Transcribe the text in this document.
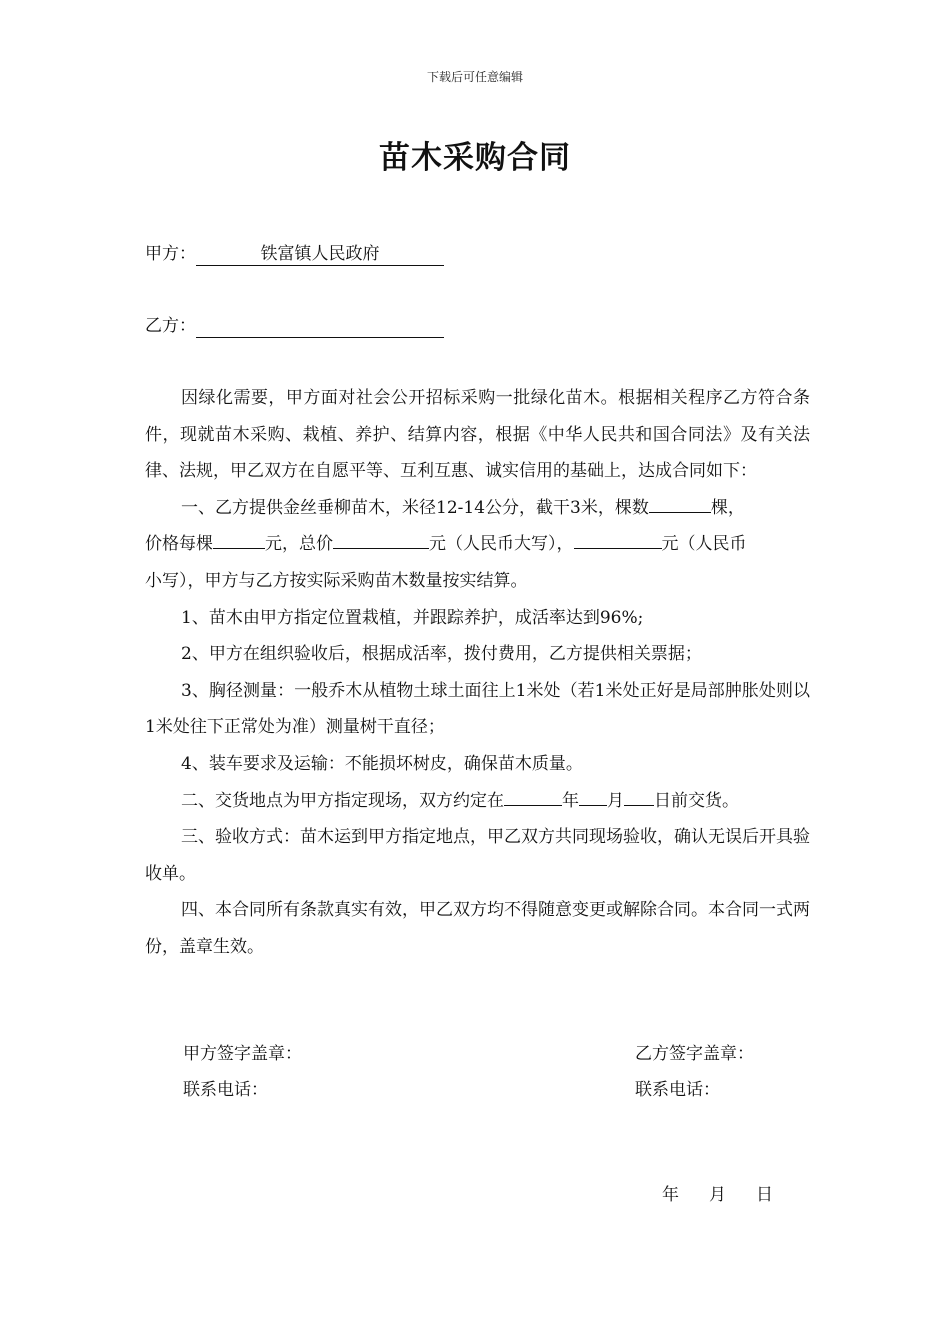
下载后可任意编辑
苗木采购合同
甲方：	铁富镇人民政府
乙方：

因绿化需要，甲方面对社会公开招标采购一批绿化苗木。根据相关程序乙方符合条件，现就苗木采购、栽植、养护、结算内容，根据《中华人民共和国合同法》及有关法律、法规，甲乙双方在自愿平等、互利互惠、诚实信用的基础上，达成合同如下：

一、乙方提供金丝垂柳苗木，米径12-14公分，截干3米，棵数	棵，

价格每棵	元，总价	元（人民币大写），	元（人民币

小写），甲方与乙方按实际采购苗木数量按实结算。

1、苗木由甲方指定位置栽植，并跟踪养护，成活率达到96%;

2、甲方在组织验收后，根据成活率，拨付费用，乙方提供相关票据；

3、胸径测量：一般乔木从植物土球土面往上1米处（若1米处正好是局部肿胀处则以1米处往下正常处为准）测量树干直径；

4、装车要求及运输：不能损坏树皮，确保苗木质量。

二、交货地点为甲方指定现场，双方约定在	年 月 日前交货。

三、验收方式：苗木运到甲方指定地点，甲乙双方共同现场验收，确认无误后开具验收单。

四、本合同所有条款真实有效，甲乙双方均不得随意变更或解除合同。本合同一式两份，盖章生效。

甲方签字盖章：
联系电话：
乙方签字盖章：
联系电话：
年 月 日
